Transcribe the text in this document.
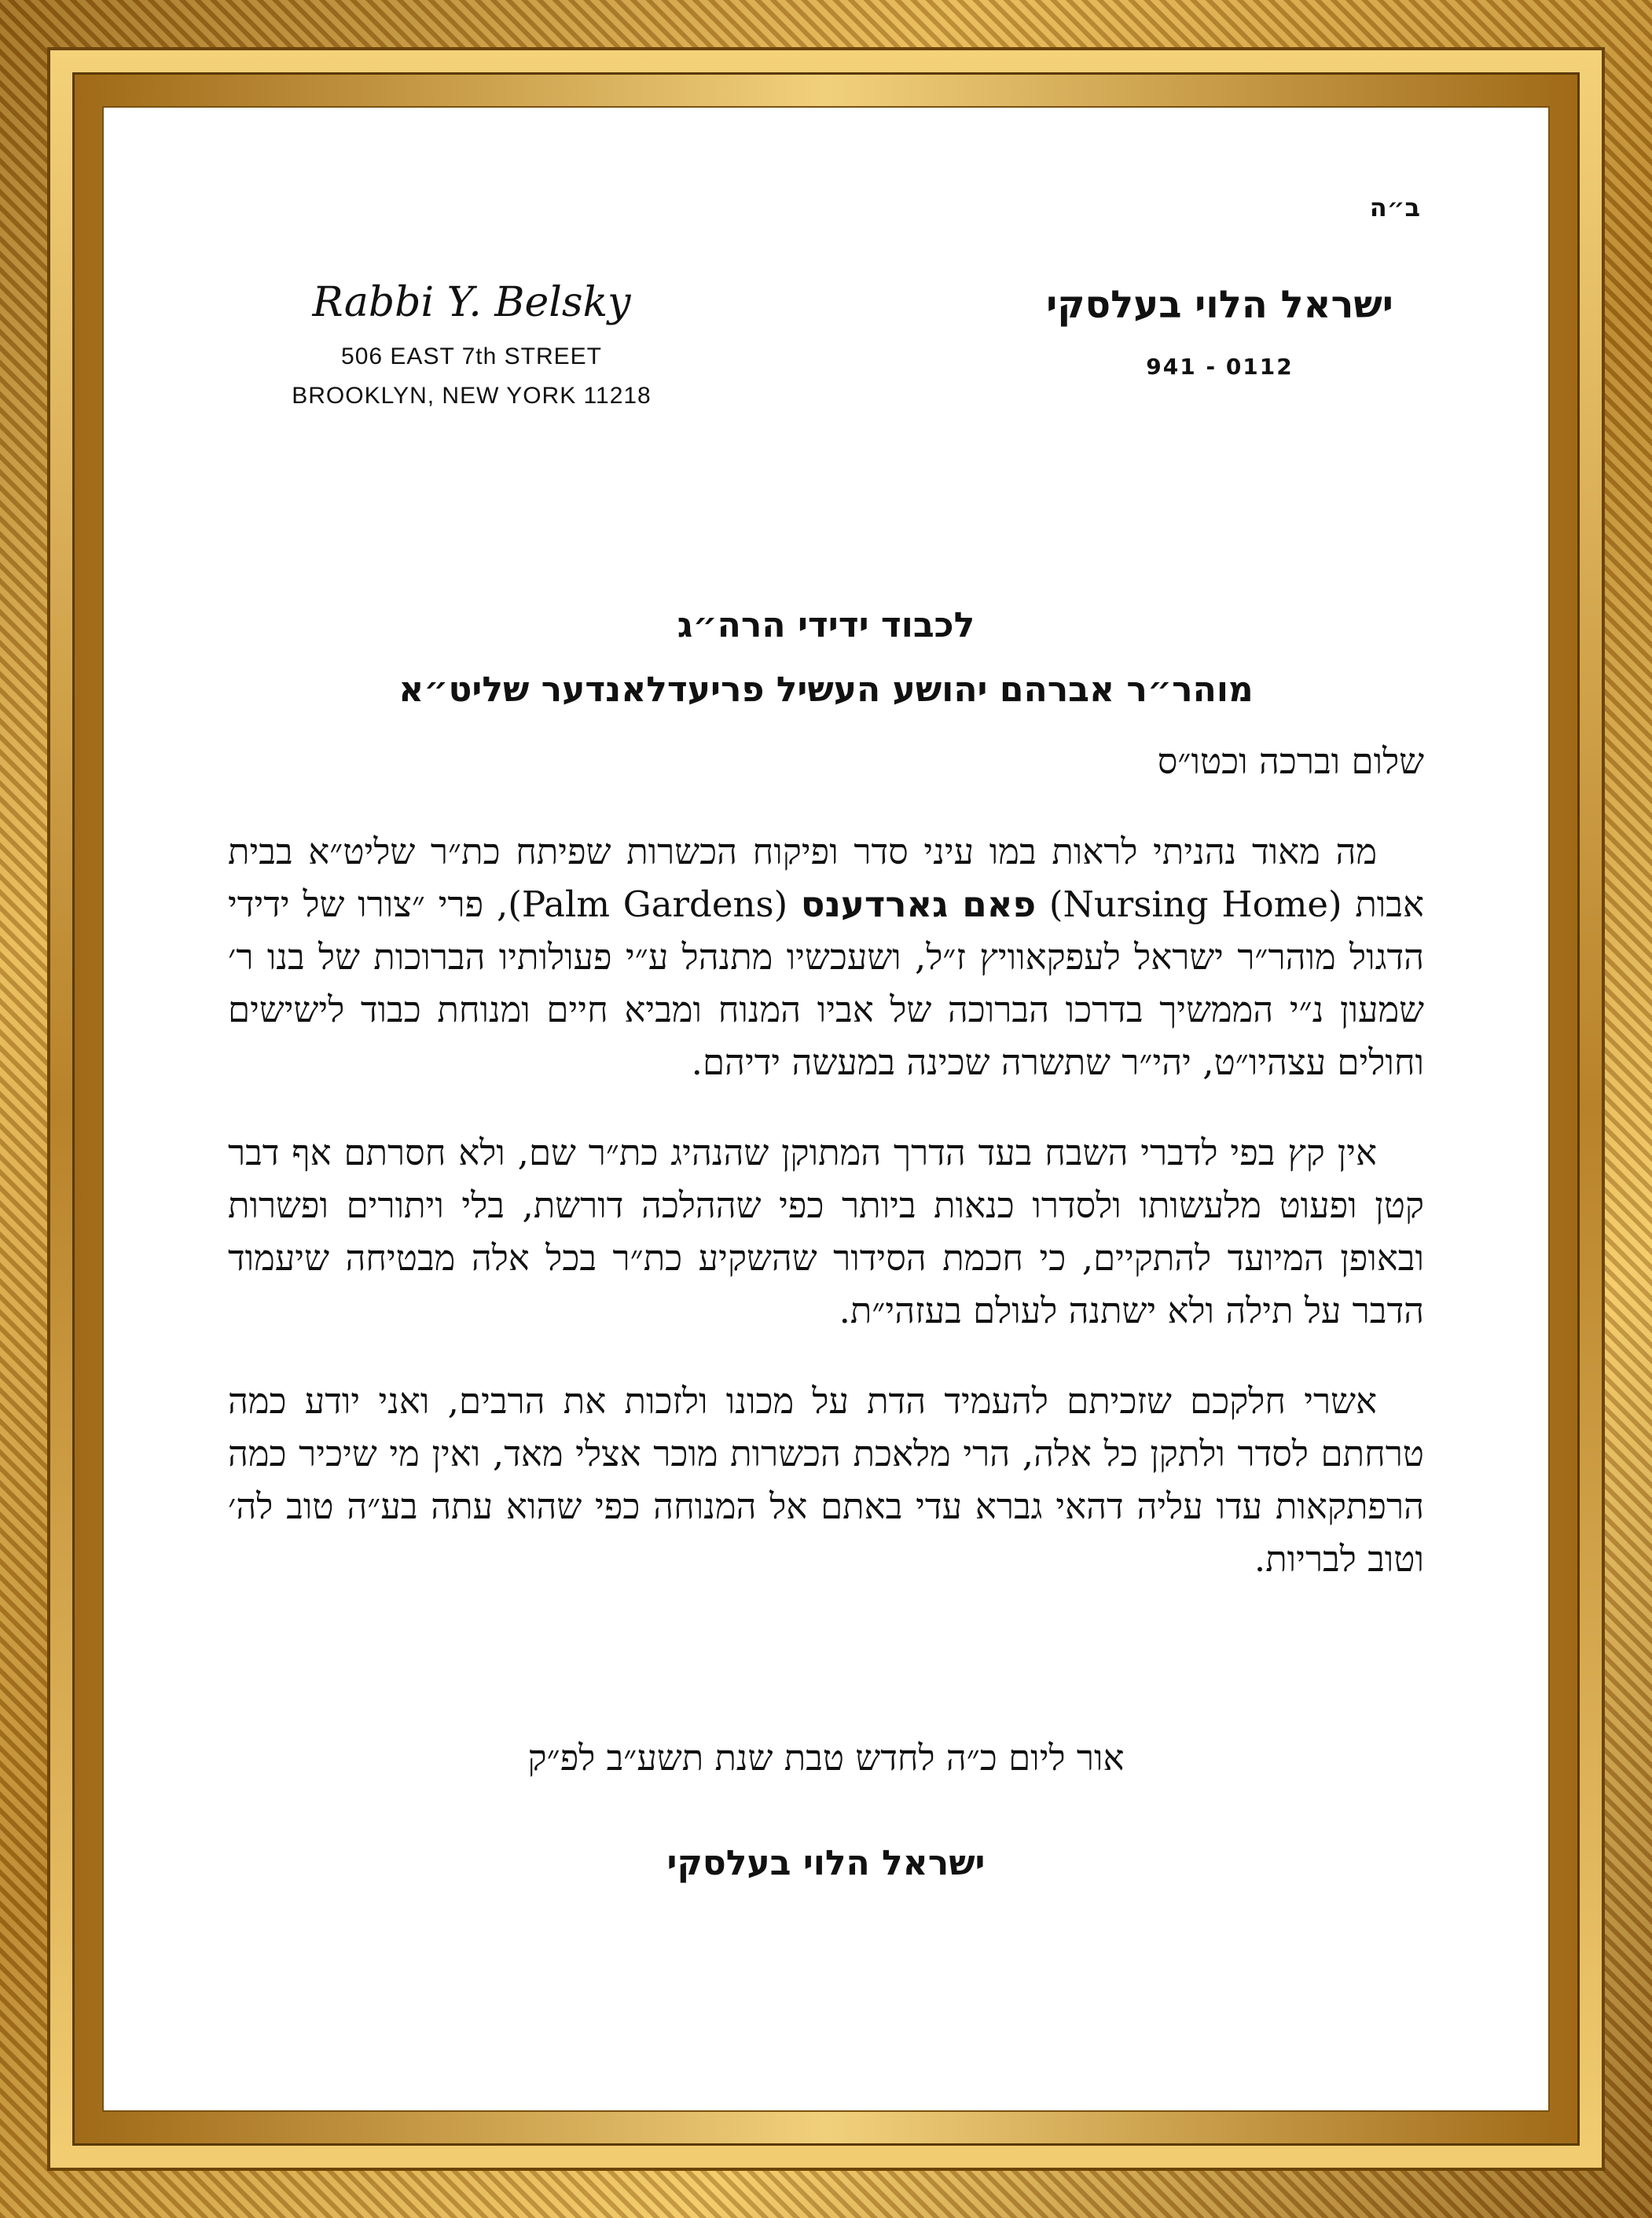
ב״ה
Rabbi Y. Belsky
506 EAST 7th STREET
BROOKLYN, NEW YORK 11218
ישראל הלוי בעלסקי
941 - 0112
לכבוד ידידי הרה״ג
מוהר״ר אברהם יהושע העשיל פריעדלאנדער שליט״א

שלום וברכה וכטו״ס

מה מאוד נהניתי לראות במו עיני סדר ופיקוח הכשרות שפיתח כת״ר שליט״א בבית אבות (Nursing Home) פאם גארדענס (Palm Gardens), פרי ״צורו של ידידי הדגול מוהר״ר ישראל לעפקאוויץ ז״ל, ושעכשיו מתנהל ע״י פעולותיו הברוכות של בנו ר׳ שמעון נ״י הממשיך בדרכו הברוכה של אביו המנוח ומביא חיים ומנוחת כבוד לישישים וחולים עצהיו״ט, יהי״ר שתשרה שכינה במעשה ידיהם.

אין קץ בפי לדברי השבח בעד הדרך המתוקן שהנהיג כת״ר שם, ולא חסרתם אף דבר קטן ופעוט מלעשותו ולסדרו כנאות ביותר כפי שההלכה דורשת, בלי ויתורים ופשרות ובאופן המיועד להתקיים, כי חכמת הסידור שהשקיע כת״ר בכל אלה מבטיחה שיעמוד הדבר על תילה ולא ישתנה לעולם בעזהי״ת.

אשרי חלקכם שזכיתם להעמיד הדת על מכונו ולזכות את הרבים, ואני יודע כמה טרחתם לסדר ולתקן כל אלה, הרי מלאכת הכשרות מוכר אצלי מאד, ואין מי שיכיר כמה הרפתקאות עדו עליה דהאי גברא עדי באתם אל המנוחה כפי שהוא עתה בע״ה טוב לה׳ וטוב לבריות.

אור ליום כ״ה לחדש טבת שנת תשע״ב לפ״ק
ישראל הלוי בעלסקי
